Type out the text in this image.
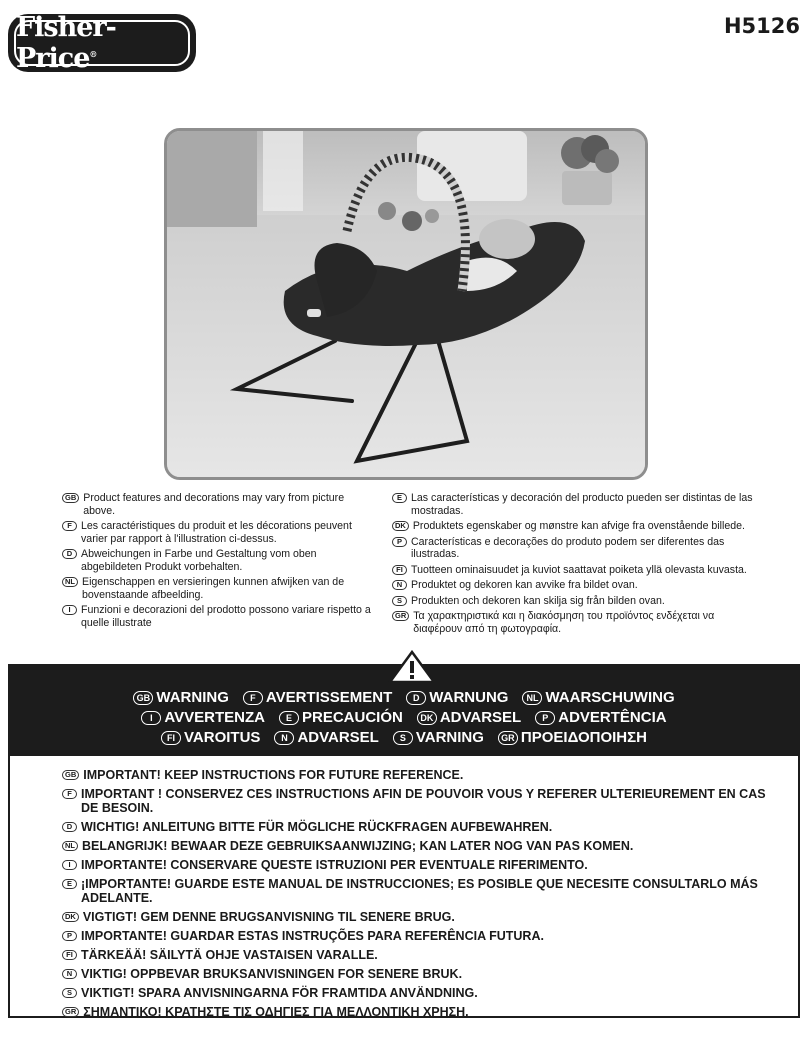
Fisher-Price®
H5126
GB Product features and decorations may vary from picture above.
F Les caractéristiques du produit et les décorations peuvent varier par rapport à l'illustration ci-dessus.
D Abweichungen in Farbe und Gestaltung vom oben abgebildeten Produkt vorbehalten.
NL Eigenschappen en versieringen kunnen afwijken van de bovenstaande afbeelding.
I Funzioni e decorazioni del prodotto possono variare rispetto a quelle illustrate
E Las características y decoración del producto pueden ser distintas de las mostradas.
DK Produktets egenskaber og mønstre kan afvige fra ovenstående billede.
P Características e decorações do produto podem ser diferentes das ilustradas.
FI Tuotteen ominaisuudet ja kuviot saattavat poiketa yllä olevasta kuvasta.
N Produktet og dekoren kan avvike fra bildet ovan.
S Produkten och dekoren kan skilja sig från bilden ovan.
GR Τα χαρακτηριστικά και η διακόσμηση του προϊόντος ενδέχεται να διαφέρουν από τη φωτογραφία.
GB WARNING	F AVERTISSEMENT	D WARNUNG	NL WAARSCHUWING
I AVVERTENZA	E PRECAUCIÓN	DK ADVARSEL	P ADVERTÊNCIA
FI VAROITUS	N ADVARSEL	S VARNING	GR ΠΡΟΕΙΔΟΠΟΙΗΣΗ
GB IMPORTANT! KEEP INSTRUCTIONS FOR FUTURE REFERENCE.
F IMPORTANT ! CONSERVEZ CES INSTRUCTIONS AFIN DE POUVOIR VOUS Y REFERER ULTERIEUREMENT EN CAS DE BESOIN.
D WICHTIG! ANLEITUNG BITTE FÜR MÖGLICHE RÜCKFRAGEN AUFBEWAHREN.
NL BELANGRIJK! BEWAAR DEZE GEBRUIKSAANWIJZING; KAN LATER NOG VAN PAS KOMEN.
I IMPORTANTE! CONSERVARE QUESTE ISTRUZIONI PER EVENTUALE RIFERIMENTO.
E ¡IMPORTANTE! GUARDE ESTE MANUAL DE INSTRUCCIONES; ES POSIBLE QUE NECESITE CONSULTARLO MÁS ADELANTE.
DK VIGTIGT! GEM DENNE BRUGSANVISNING TIL SENERE BRUG.
P IMPORTANTE! GUARDAR ESTAS INSTRUÇÕES PARA REFERÊNCIA FUTURA.
FI TÄRKEÄÄ! SÄILYTÄ OHJE VASTAISEN VARALLE.
N VIKTIG! OPPBEVAR BRUKSANVISNINGEN FOR SENERE BRUK.
S VIKTIGT! SPARA ANVISNINGARNA FÖR FRAMTIDA ANVÄNDNING.
GR ΣΗΜΑΝΤΙΚΟ! ΚΡΑΤΗΣΤΕ ΤΙΣ ΟΔΗΓΙΕΣ ΓΙΑ ΜΕΛΛΟΝΤΙΚΗ ΧΡΗΣΗ.
